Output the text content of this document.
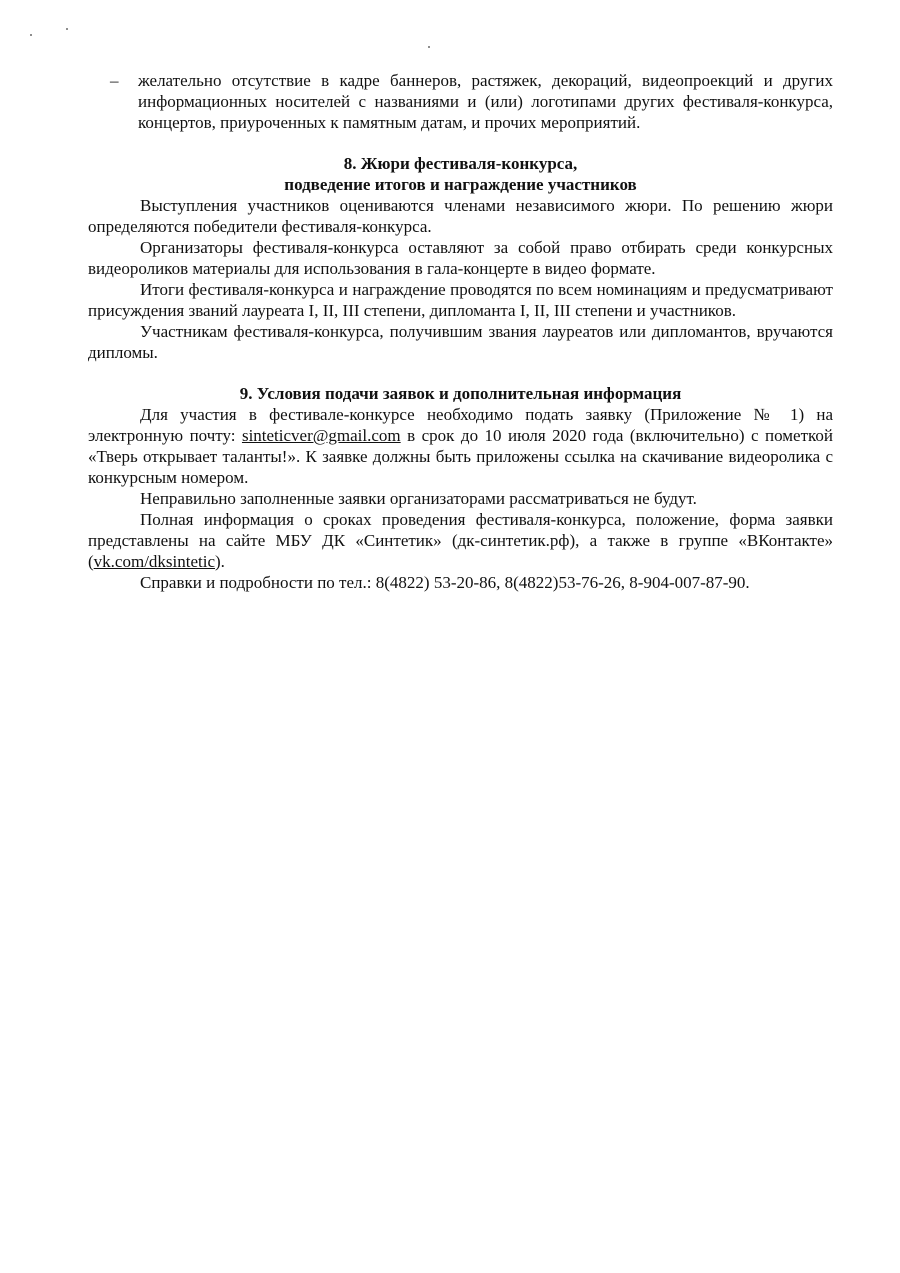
–	желательно отсутствие в кадре баннеров, растяжек, декораций, видеопроекций и других информационных носителей с названиями и (или) логотипами других фестиваля-конкурса, концертов, приуроченных к памятным датам, и прочих мероприятий.

8. Жюри фестиваля-конкурса,

подведение итогов и награждение участников

Выступления участников оцениваются членами независимого жюри. По решению жюри определяются победители фестиваля-конкурса.

Организаторы фестиваля-конкурса оставляют за собой право отбирать среди конкурсных видеороликов материалы для использования в гала-концерте в видео формате.

Итоги фестиваля-конкурса и награждение проводятся по всем номинациям и предусматривают присуждения званий лауреата I, II, III степени, дипломанта I, II, III степени и участников.

Участникам фестиваля-конкурса, получившим звания лауреатов или дипломантов, вручаются дипломы.

9. Условия подачи заявок и дополнительная информация

Для участия в фестивале-конкурсе необходимо подать заявку (Приложение № 1) на электронную почту: sinteticver@gmail.com в срок до 10 июля 2020 года (включительно) с пометкой «Тверь открывает таланты!». К заявке должны быть приложены ссылка на скачивание видеоролика с конкурсным номером.

Неправильно заполненные заявки организаторами рассматриваться не будут.

Полная информация о сроках проведения фестиваля-конкурса, положение, форма заявки представлены на сайте МБУ ДК «Синтетик» (дк-синтетик.рф), а также в группе «ВКонтакте» (vk.com/dksintetic).

Справки и подробности по тел.: 8(4822) 53-20-86, 8(4822)53-76-26, 8-904-007-87-90.
